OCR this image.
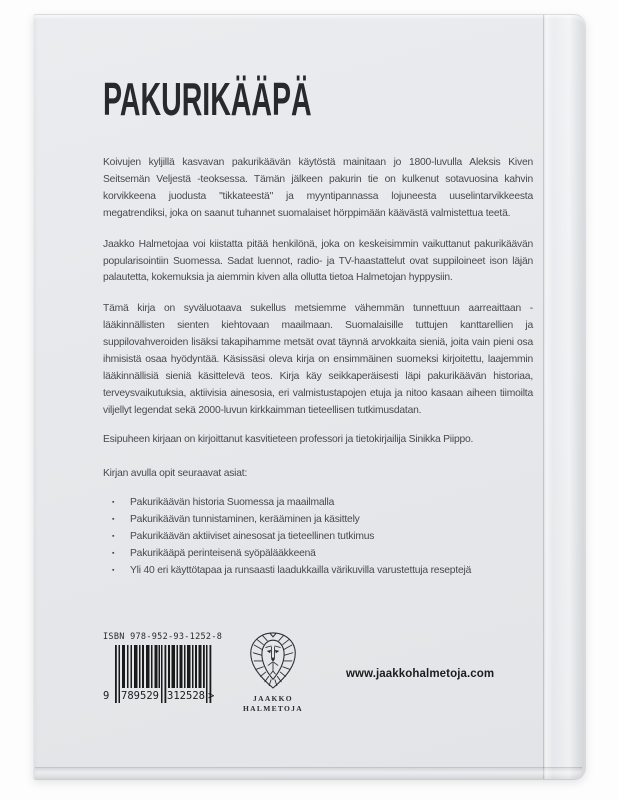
PAKURIKÄÄPÄ

Koivujen kyljillä kasvavan pakurikäävän käytöstä mainitaan jo 1800-luvulla Aleksis Kiven Seitsemän Veljestä -teoksessa. Tämän jälkeen pakurin tie on kulkenut sotavuosina kahvin korvikkeena juodusta "tikkateestä" ja myyntipannassa lojuneesta uuselintarvikkeesta megatrendiksi, joka on saanut tuhannet suomalaiset hörppimään käävästä valmistettua teetä.

Jaakko Halmetojaa voi kiistatta pitää henkilönä, joka on keskeisimmin vaikuttanut pakurikäävän popularisointiin Suomessa. Sadat luennot, radio- ja TV-haastattelut ovat suppiloineet ison läjän palautetta, kokemuksia ja aiemmin kiven alla ollutta tietoa Halmetojan hyppysiin.

Tämä kirja on syväluotaava sukellus metsiemme vähemmän tunnettuun aarreaittaan - lääkinnällisten sienten kiehtovaan maailmaan. Suomalaisille tuttujen kanttarellien ja suppilovahveroiden lisäksi takapihamme metsät ovat täynnä arvokkaita sieniä, joita vain pieni osa ihmisistä osaa hyödyntää. Käsissäsi oleva kirja on ensimmäinen suomeksi kirjoitettu, laajemmin lääkinnällisiä sieniä käsittelevä teos. Kirja käy seikkaperäisesti läpi pakurikäävän historiaa, terveysvaikutuksia, aktiivisia ainesosia, eri valmistustapojen etuja ja nitoo kasaan aiheen tiimoilta viljellyt legendat sekä 2000-luvun kirkkaimman tieteellisen tutkimusdatan.

Esipuheen kirjaan on kirjoittanut kasvitieteen professori ja tietokirjailija Sinikka Piippo.

Kirjan avulla opit seuraavat asiat:

▪	Pakurikäävän historia Suomessa ja maailmalla
▪	Pakurikäävän tunnistaminen, kerääminen ja käsittely
▪	Pakurikäävän aktiiviset ainesosat ja tieteellinen tutkimus
▪	Pakurikääpä perinteisenä syöpälääkkeenä
▪	Yli 40 eri käyttötapaa ja runsaasti laadukkailla värikuvilla varustettuja reseptejä
ISBN 978-952-93-1252-8
9 789529 312528 >	JAAKKO
HALMETOJA
www.jaakkohalmetoja.com
